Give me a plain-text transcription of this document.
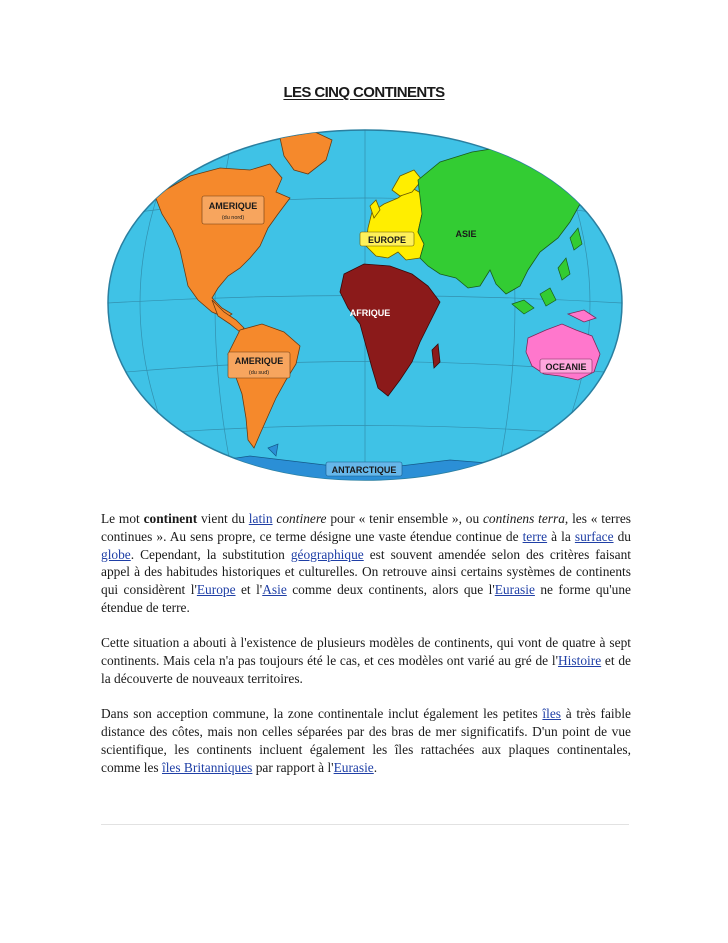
LES CINQ CONTINENTS
AMERIQUE
(du nord)
EUROPE
ASIE
AFRIQUE
AMERIQUE
(du sud)
OCEANIE
ANTARCTIQUE

Le mot continent vient du latin continere pour « tenir ensemble », ou continens terra, les « terres continues ». Au sens propre, ce terme désigne une vaste étendue continue de terre à la surface du globe. Cependant, la substitution géographique est souvent amendée selon des critères faisant appel à des habitudes historiques et culturelles. On retrouve ainsi certains systèmes de continents qui considèrent l'Europe et l'Asie comme deux continents, alors que l'Eurasie ne forme qu'une étendue de terre.

Cette situation a abouti à l'existence de plusieurs modèles de continents, qui vont de quatre à sept continents. Mais cela n'a pas toujours été le cas, et ces modèles ont varié au gré de l'Histoire et de la découverte de nouveaux territoires.

Dans son acception commune, la zone continentale inclut également les petites îles à très faible distance des côtes, mais non celles séparées par des bras de mer significatifs. D'un point de vue scientifique, les continents incluent également les îles rattachées aux plaques continentales, comme les îles Britanniques par rapport à l'Eurasie.
